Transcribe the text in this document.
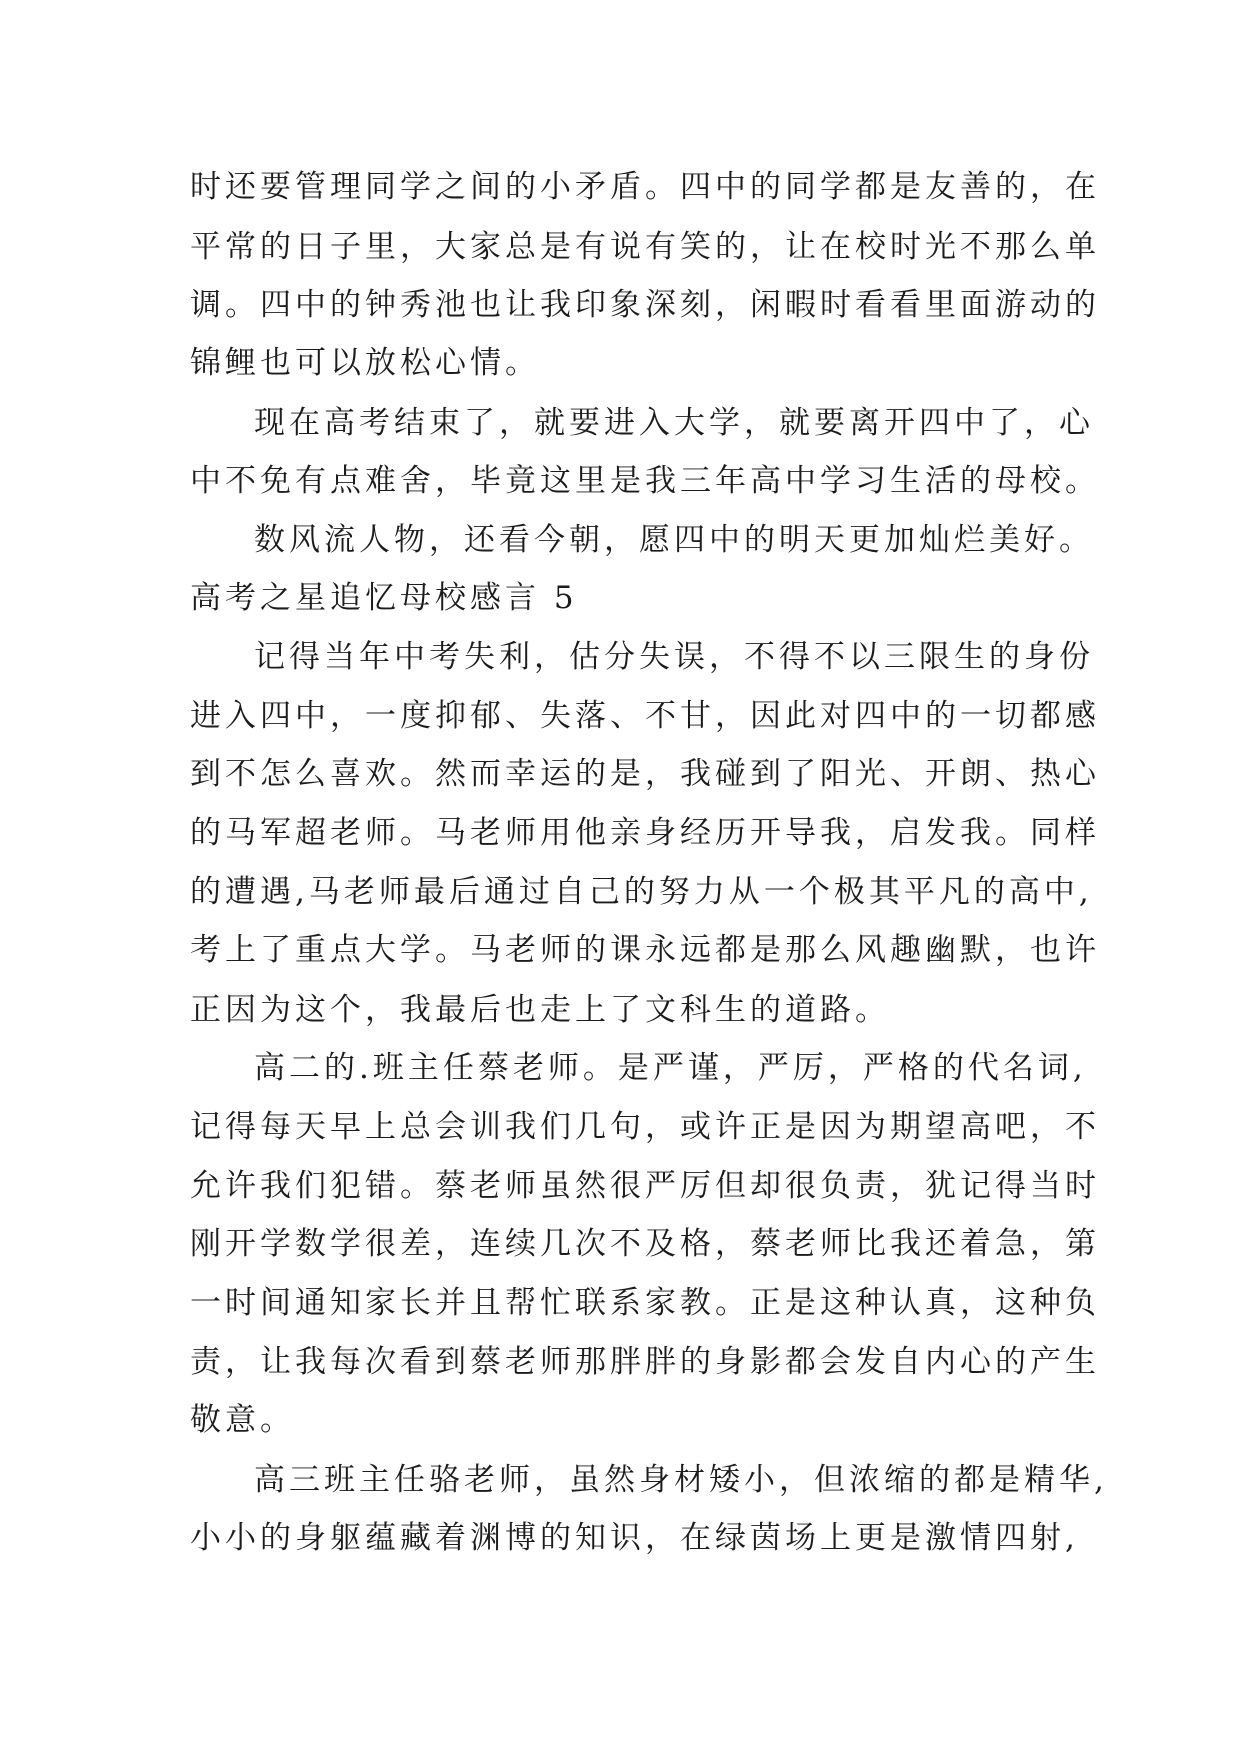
时还要管理同学之间的小矛盾。四中的同学都是友善的，在
平常的日子里，大家总是有说有笑的，让在校时光不那么单
调。四中的钟秀池也让我印象深刻，闲暇时看看里面游动的
锦鲤也可以放松心情。
现在高考结束了，就要进入大学，就要离开四中了，心
中不免有点难舍，毕竟这里是我三年高中学习生活的母校。
数风流人物，还看今朝，愿四中的明天更加灿烂美好。
高考之星追忆母校感言 5
记得当年中考失利，估分失误，不得不以三限生的身份
进入四中，一度抑郁、失落、不甘，因此对四中的一切都感
到不怎么喜欢。然而幸运的是，我碰到了阳光、开朗、热心
的马军超老师。马老师用他亲身经历开导我，启发我。同样
的遭遇,马老师最后通过自己的努力从一个极其平凡的高中,
考上了重点大学。马老师的课永远都是那么风趣幽默，也许
正因为这个，我最后也走上了文科生的道路。
高二的.班主任蔡老师。是严谨，严厉，严格的代名词,
记得每天早上总会训我们几句，或许正是因为期望高吧，不
允许我们犯错。蔡老师虽然很严厉但却很负责，犹记得当时
刚开学数学很差，连续几次不及格，蔡老师比我还着急，第
一时间通知家长并且帮忙联系家教。正是这种认真，这种负
责，让我每次看到蔡老师那胖胖的身影都会发自内心的产生
敬意。
高三班主任骆老师，虽然身材矮小，但浓缩的都是精华,
小小的身躯蕴藏着渊博的知识，在绿茵场上更是激情四射,
